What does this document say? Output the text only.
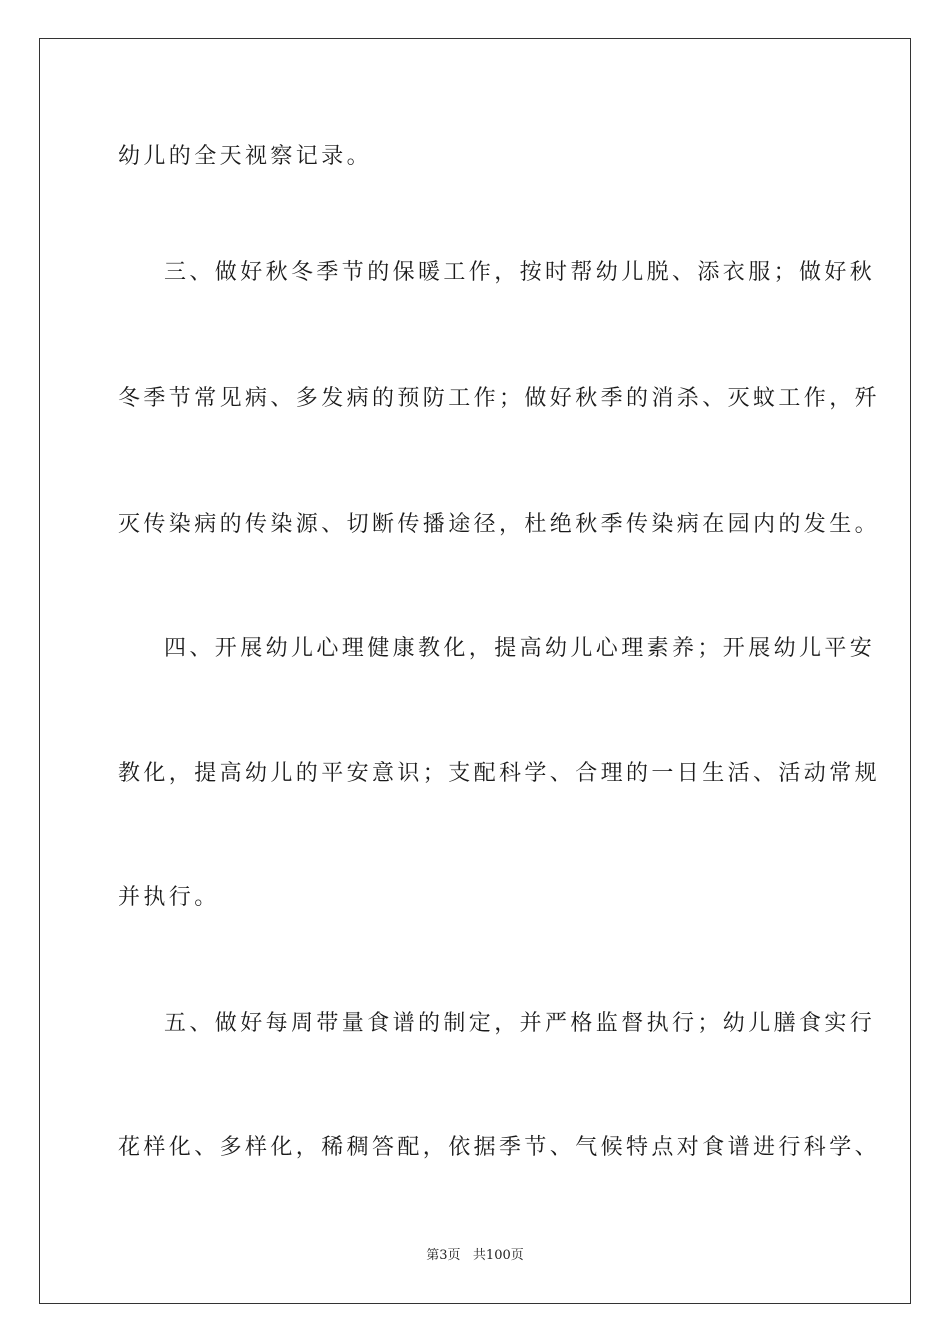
幼儿的全天视察记录。
三、做好秋冬季节的保暖工作，按时帮幼儿脱、添衣服；做好秋
冬季节常见病、多发病的预防工作；做好秋季的消杀、灭蚊工作，歼
灭传染病的传染源、切断传播途径，杜绝秋季传染病在园内的发生。
四、开展幼儿心理健康教化，提高幼儿心理素养；开展幼儿平安
教化，提高幼儿的平安意识；支配科学、合理的一日生活、活动常规
并执行。
五、做好每周带量食谱的制定，并严格监督执行；幼儿膳食实行
花样化、多样化，稀稠答配，依据季节、气候特点对食谱进行科学、
第3页   共100页
